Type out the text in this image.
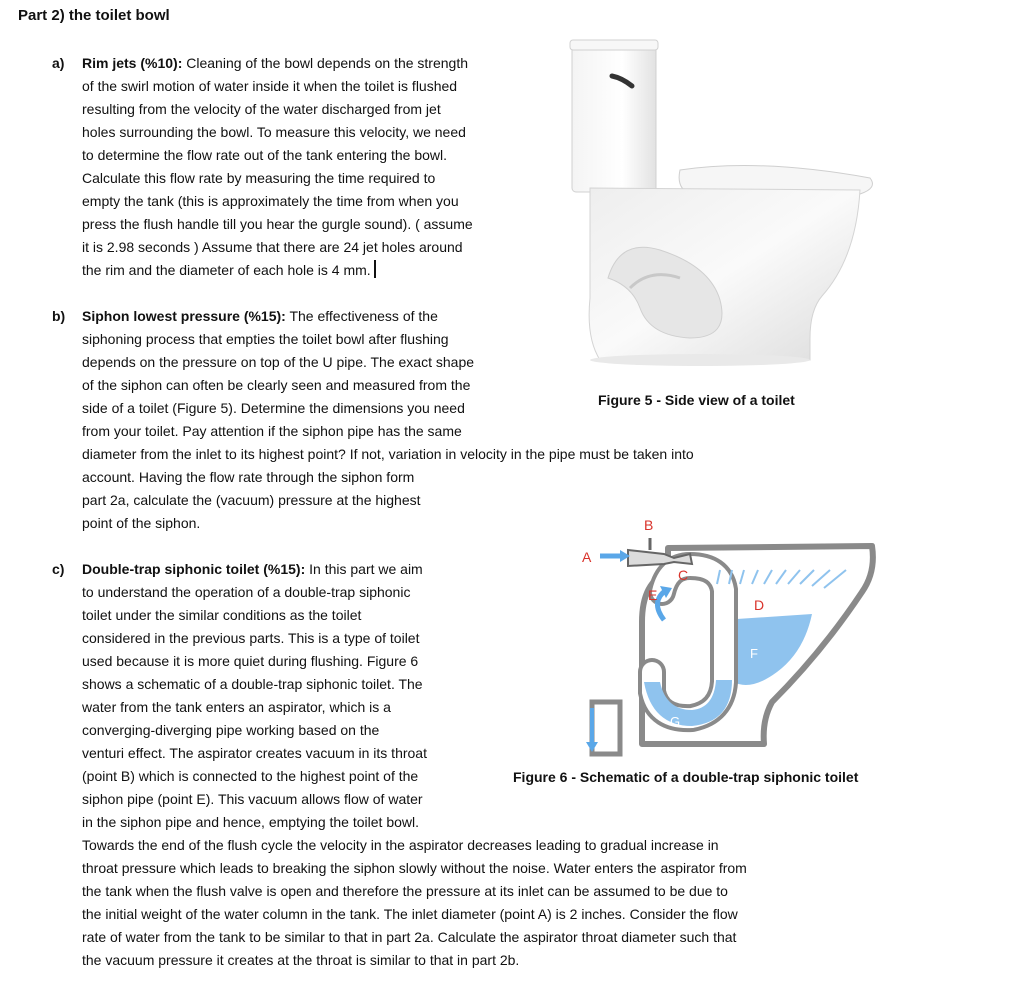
Part 2) the toilet bowl
a) Rim jets (%10): Cleaning of the bowl depends on the strength
of the swirl motion of water inside it when the toilet is flushed
resulting from the velocity of the water discharged from jet
holes surrounding the bowl. To measure this velocity, we need
to determine the flow rate out of the tank entering the bowl.
Calculate this flow rate by measuring the time required to
empty the tank (this is approximately the time from when you
press the flush handle till you hear the gurgle sound). ( assume
it is 2.98 seconds ) Assume that there are 24 jet holes around
the rim and the diameter of each hole is 4 mm.
b) Siphon lowest pressure (%15): The effectiveness of the
siphoning process that empties the toilet bowl after flushing
depends on the pressure on top of the U pipe. The exact shape
of the siphon can often be clearly seen and measured from the
side of a toilet (Figure 5). Determine the dimensions you need
from your toilet. Pay attention if the siphon pipe has the same
diameter from the inlet to its highest point? If not, variation in velocity in the pipe must be taken into
account. Having the flow rate through the siphon form
part 2a, calculate the (vacuum) pressure at the highest
point of the siphon.
c) Double-trap siphonic toilet (%15): In this part we aim
to understand the operation of a double-trap siphonic
toilet under the similar conditions as the toilet
considered in the previous parts. This is a type of toilet
used because it is more quiet during flushing. Figure 6
shows a schematic of a double-trap siphonic toilet. The
water from the tank enters an aspirator, which is a
converging-diverging pipe working based on the
venturi effect. The aspirator creates vacuum in its throat
(point B) which is connected to the highest point of the
siphon pipe (point E). This vacuum allows flow of water
in the siphon pipe and hence, emptying the toilet bowl.
Towards the end of the flush cycle the velocity in the aspirator decreases leading to gradual increase in
throat pressure which leads to breaking the siphon slowly without the noise. Water enters the aspirator from
the tank when the flush valve is open and therefore the pressure at its inlet can be assumed to be due to
the initial weight of the water column in the tank. The inlet diameter (point A) is 2 inches. Consider the flow
rate of water from the tank to be similar to that in part 2a. Calculate the aspirator throat diameter such that
the vacuum pressure it creates at the throat is similar to that in part 2b.
Figure 5 - Side view of a toilet
A
B
C
D
E
F
G
Figure 6 - Schematic of a double-trap siphonic toilet
